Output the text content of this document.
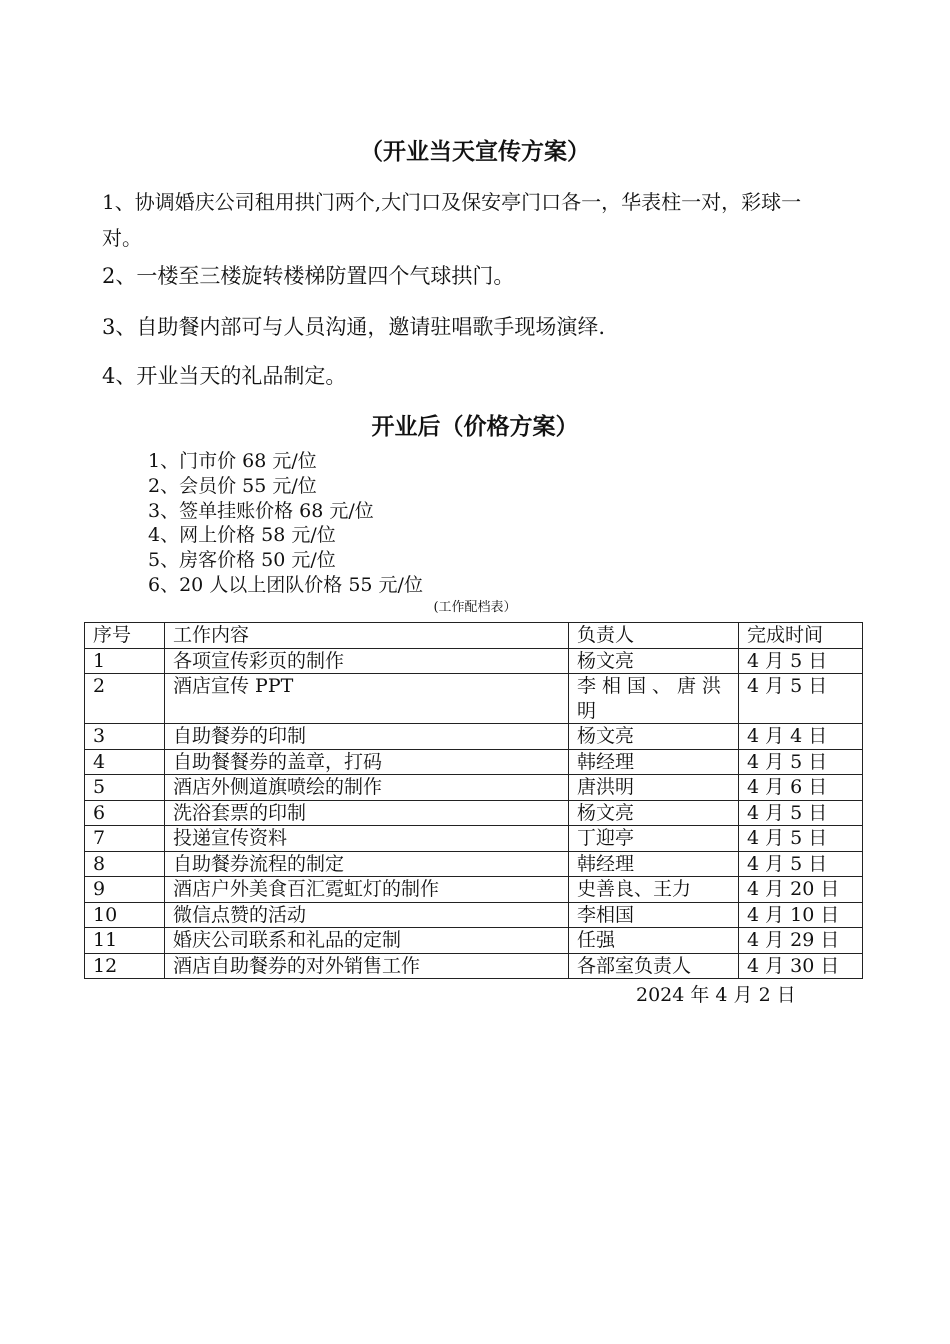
（开业当天宣传方案）
1、协调婚庆公司租用拱门两个,大门口及保安亭门口各一，华表柱一对，彩球一对。
2、一楼至三楼旋转楼梯防置四个气球拱门。
3、自助餐内部可与人员沟通，邀请驻唱歌手现场演绎.
4、开业当天的礼品制定。
开业后（价格方案）
1、门市价 68 元/位
2、会员价 55 元/位
3、签单挂账价格 68 元/位
4、网上价格 58 元/位
5、房客价格 50 元/位
6、20 人以上团队价格 55 元/位
(工作配档表）
序号	工作内容	负责人	完成时间
1	各项宣传彩页的制作	杨文亮	4 月 5 日
2	酒店宣传 PPT	李相国、唐洪明	4 月 5 日
3	自助餐券的印制	杨文亮	4 月 4 日
4	自助餐餐券的盖章，打码	韩经理	4 月 5 日
5	酒店外侧道旗喷绘的制作	唐洪明	4 月 6 日
6	洗浴套票的印制	杨文亮	4 月 5 日
7	投递宣传资料	丁迎亭	4 月 5 日
8	自助餐券流程的制定	韩经理	4 月 5 日
9	酒店户外美食百汇霓虹灯的制作	史善良、王力	4 月 20 日
10	微信点赞的活动	李相国	4 月 10 日
11	婚庆公司联系和礼品的定制	任强	4 月 29 日
12	酒店自助餐券的对外销售工作	各部室负责人	4 月 30 日
2024 年 4 月 2 日
